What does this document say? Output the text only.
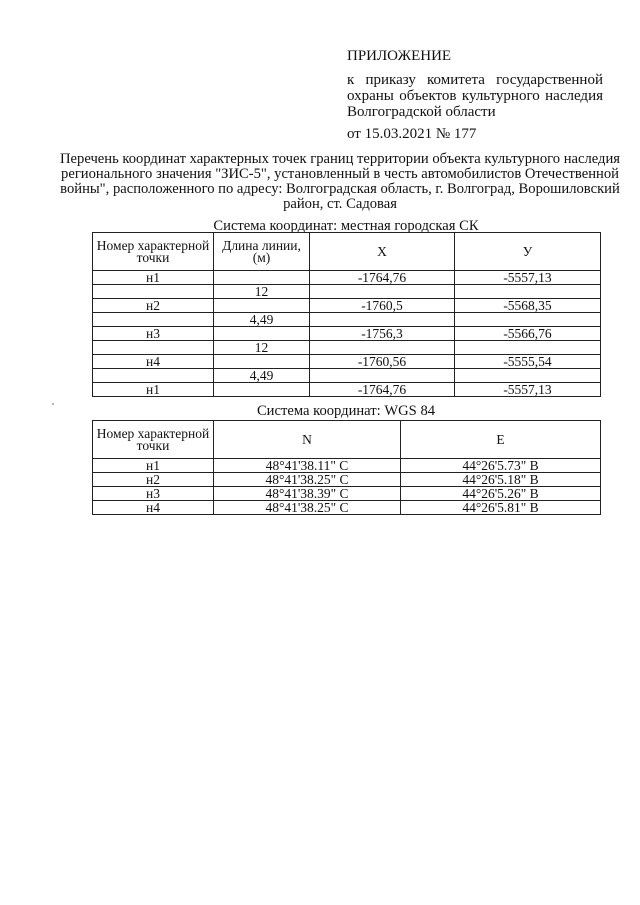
ПРИЛОЖЕНИЕ
к приказу комитета государственной охраны объектов культурного наследия Волгоградской области
от 15.03.2021 № 177
Перечень координат характерных точек границ территории объекта культурного наследия регионального значения "ЗИС-5", установленный в честь автомобилистов Отечественной войны", расположенного по адресу: Волгоградская область, г. Волгоград, Ворошиловский район, ст. Садовая
Система координат: местная городская СК
Номер характерной точки	Длина линии, (м)	X	У
н1		-1764,76	-5557,13
	12		
н2		-1760,5	-5568,35
	4,49		
н3		-1756,3	-5566,76
	12		
н4		-1760,56	-5555,54
	4,49		
н1		-1764,76	-5557,13
Система координат: WGS 84
Номер характерной точки	N	E
н1	48°41'38.11" С	44°26'5.73" В
н2	48°41'38.25" С	44°26'5.18" В
н3	48°41'38.39" С	44°26'5.26" В
н4	48°41'38.25" С	44°26'5.81" В
